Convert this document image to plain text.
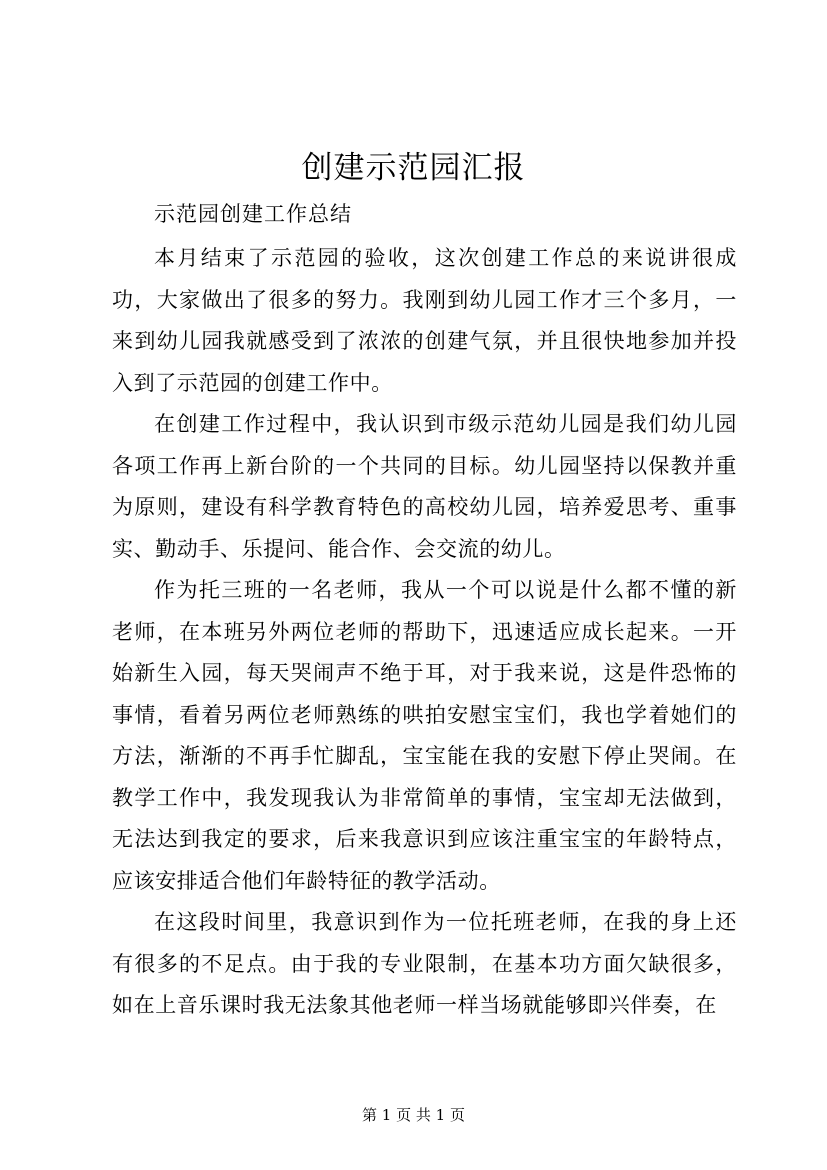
创建示范园汇报

示范园创建工作总结

本月结束了示范园的验收，这次创建工作总的来说讲很成功，大家做出了很多的努力。我刚到幼儿园工作才三个多月，一来到幼儿园我就感受到了浓浓的创建气氛，并且很快地参加并投入到了示范园的创建工作中。

在创建工作过程中，我认识到市级示范幼儿园是我们幼儿园各项工作再上新台阶的一个共同的目标。幼儿园坚持以保教并重为原则，建设有科学教育特色的高校幼儿园，培养爱思考、重事实、勤动手、乐提问、能合作、会交流的幼儿。

作为托三班的一名老师，我从一个可以说是什么都不懂的新老师，在本班另外两位老师的帮助下，迅速适应成长起来。一开始新生入园，每天哭闹声不绝于耳，对于我来说，这是件恐怖的事情，看着另两位老师熟练的哄拍安慰宝宝们，我也学着她们的方法，渐渐的不再手忙脚乱，宝宝能在我的安慰下停止哭闹。在教学工作中，我发现我认为非常简单的事情，宝宝却无法做到，无法达到我定的要求，后来我意识到应该注重宝宝的年龄特点，应该安排适合他们年龄特征的教学活动。

在这段时间里，我意识到作为一位托班老师，在我的身上还有很多的不足点。由于我的专业限制，在基本功方面欠缺很多，如在上音乐课时我无法象其他老师一样当场就能够即兴伴奏，在

第 1 页 共 1 页
